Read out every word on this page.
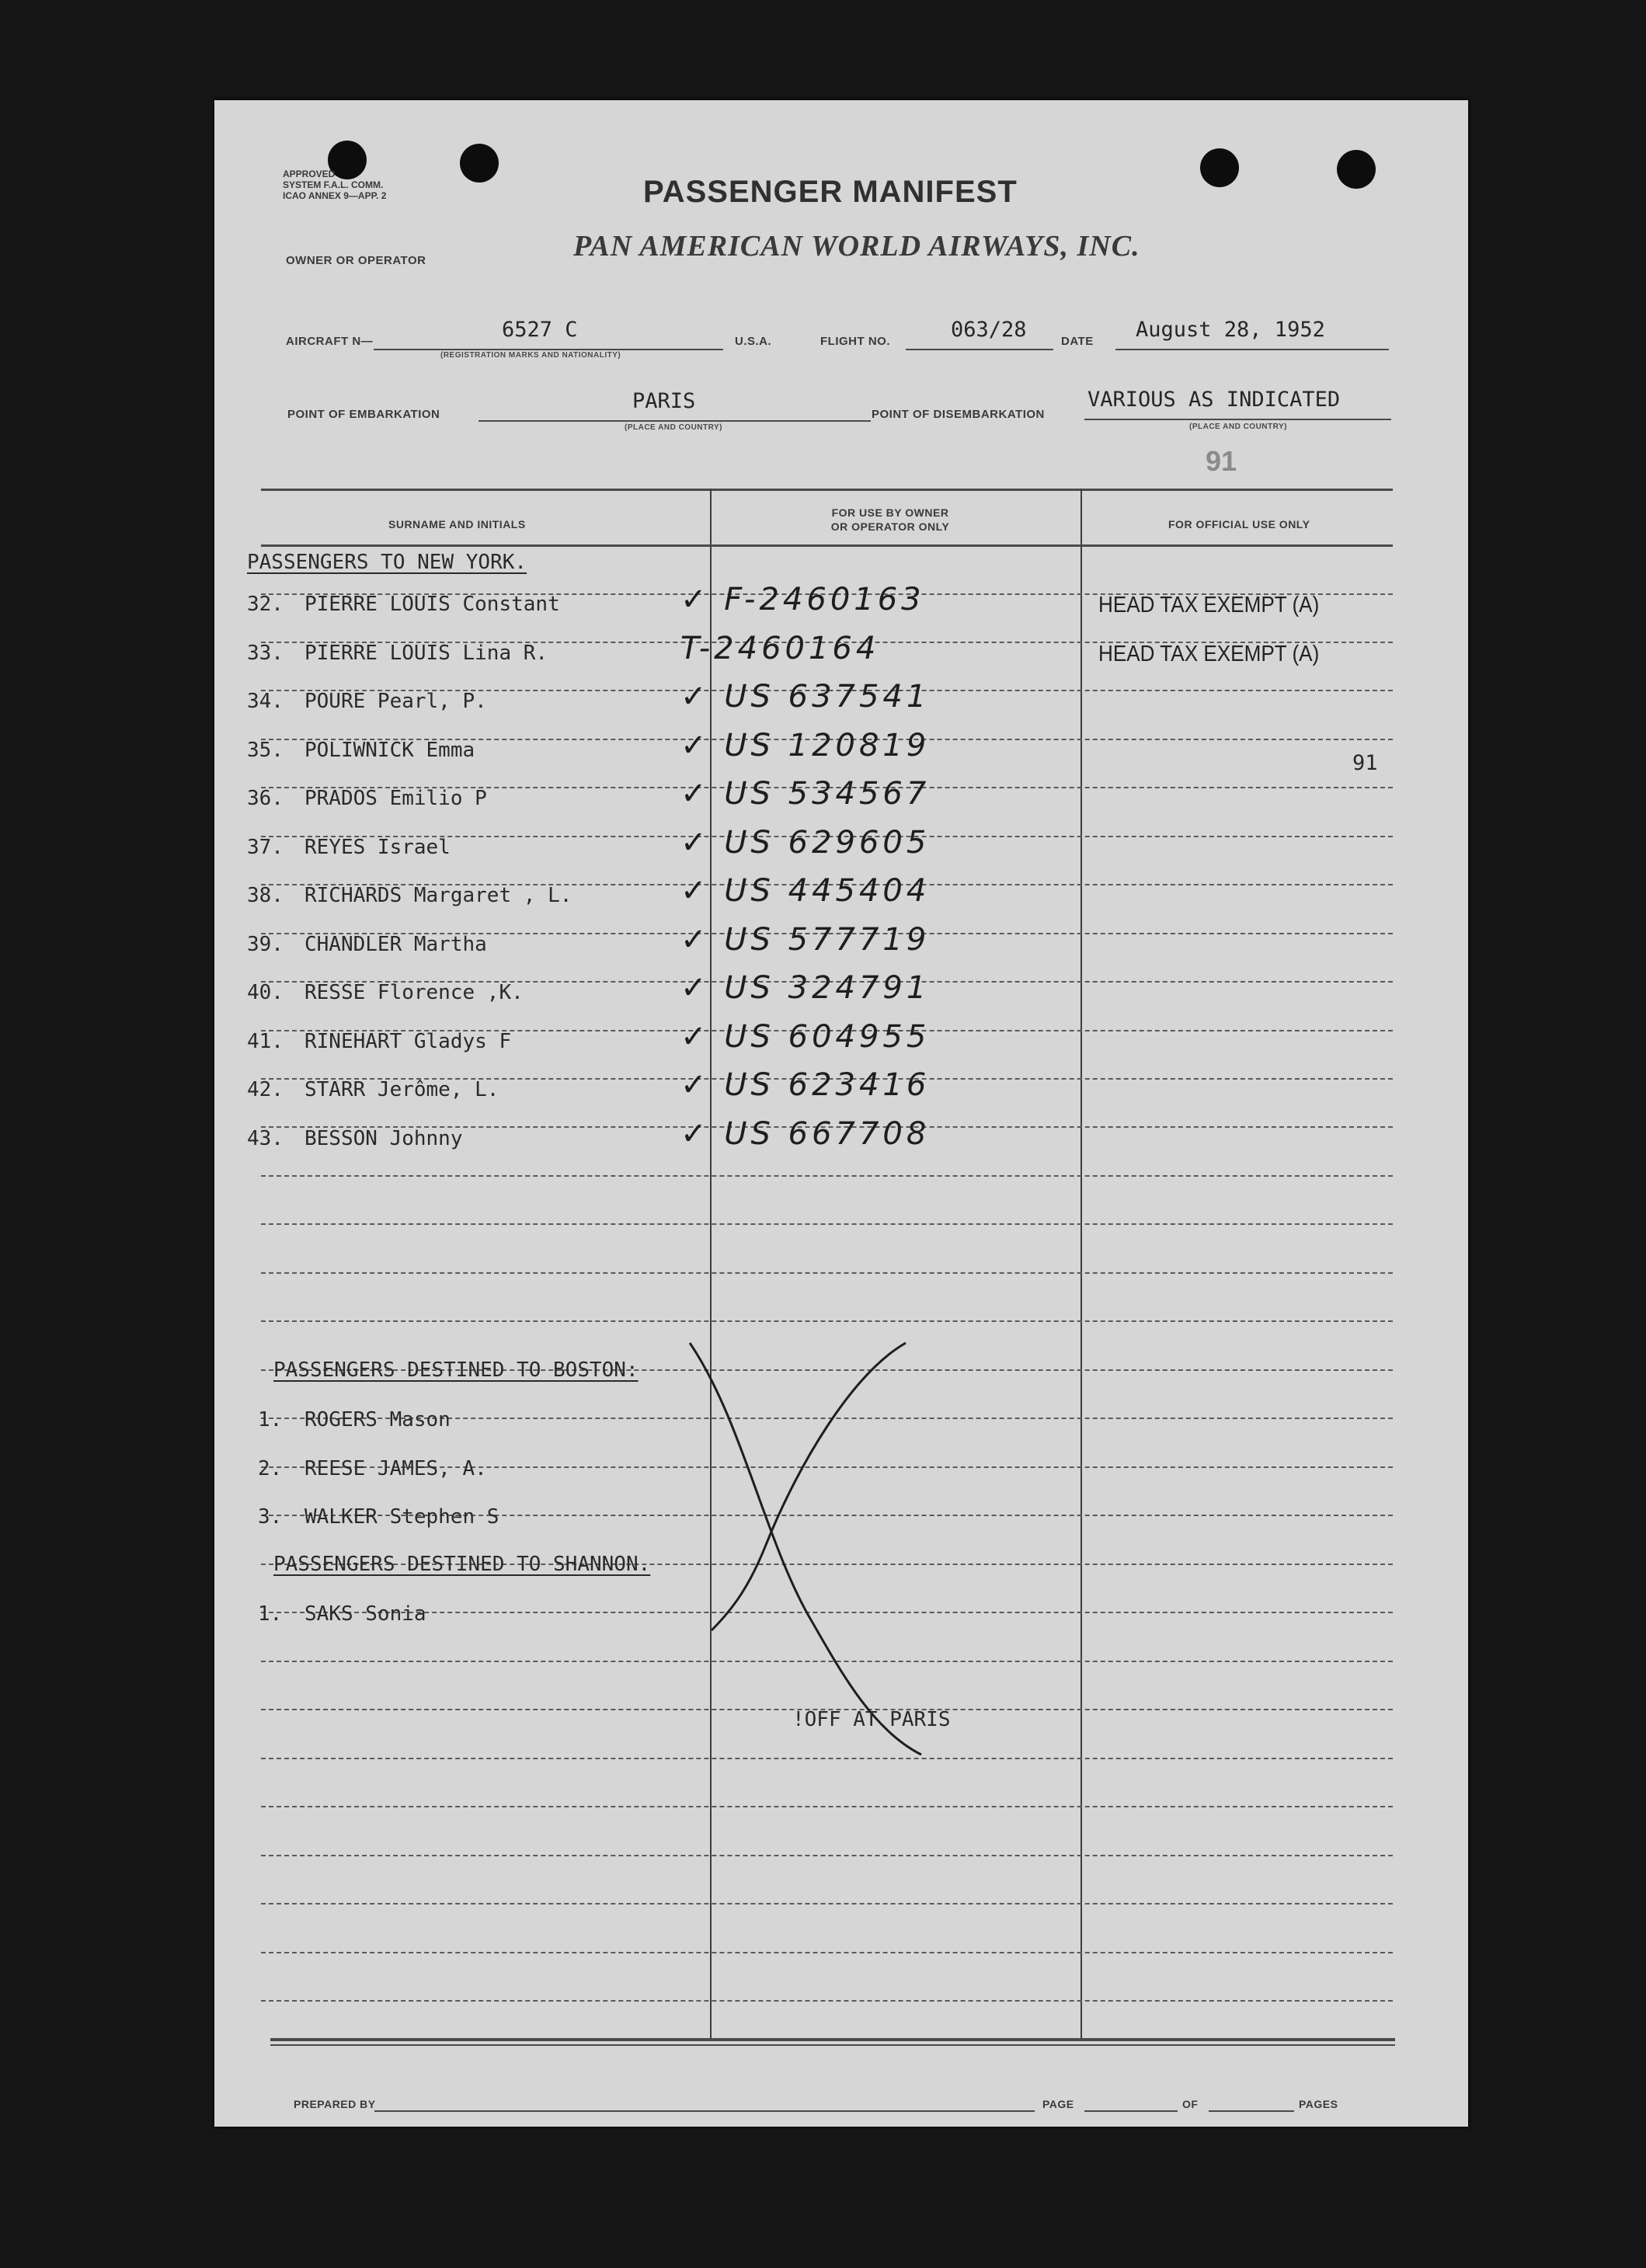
APPROVED
SYSTEM F.A.L. COMM.
ICAO ANNEX 9—APP. 2	PASSENGER MANIFEST
OWNER OR OPERATOR	PAN AMERICAN WORLD AIRWAYS, INC.
AIRCRAFT N—	6527 C
(REGISTRATION MARKS AND NATIONALITY)
U.S.A.	FLIGHT NO.	063/28	DATE August 28, 1952
POINT OF EMBARKATION
PARIS
(PLACE AND COUNTRY)
POINT OF DISEMBARKATION
VARIOUS AS INDICATED
(PLACE AND COUNTRY)
91
SURNAME AND INITIALS
FOR USE BY OWNER
OR OPERATOR ONLY	FOR OFFICIAL USE ONLY
PASSENGERS TO NEW YORK.
32. PIERRE LOUIS Constant	✓ F-2460163	HEAD TAX EXEMPT (A)
33. PIERRE LOUIS Lina R.	T-2460164	HEAD TAX EXEMPT (A)
34. POURE Pearl, P.	✓ US 637541
35. POLIWNICK Emma	✓ US 120819	91
36. PRADOS Emilio P	✓ US 534567
37. REYES Israel	✓ US 629605
38. RICHARDS Margaret , L.	✓ US 445404
39. CHANDLER Martha	✓ US 577719
40. RESSE Florence ,K.	✓ US 324791
41. RINEHART Gladys F	✓ US 604955
42. STARR Jerôme, L.	✓ US 623416
43. BESSON Johnny	✓ US 667708
PASSENGERS DESTINED TO BOSTON:
1. ROGERS Mason
2. REESE JAMES, A.
3. WALKER Stephen S
PASSENGERS DESTINED TO SHANNON.
1. SAKS Sonia
!OFF AT PARIS
PREPARED BY	PAGE	OF	PAGES
